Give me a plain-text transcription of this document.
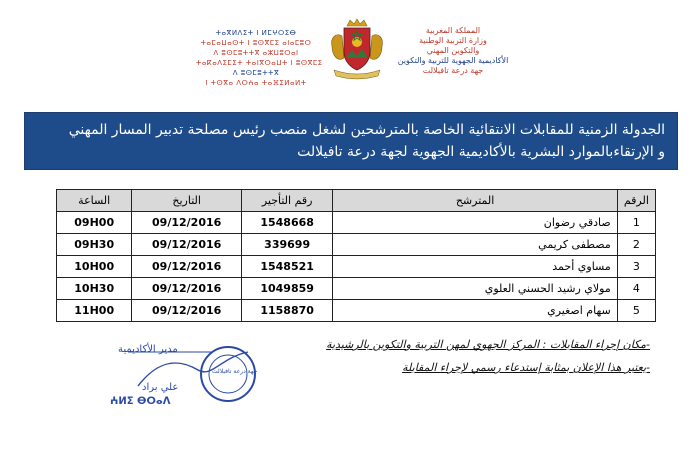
ⵜⴰⴳⵍⴷⵉⵜ ⵏ ⵍⵎⵖⵔⵉⴱ
ⵜⴰⵎⴰⵡⴰⵙⵜ ⵏ ⵓⵙⴳⵎⵉ ⴰⵏⴰⵎⵓⵔ
ⴷ ⵓⵙⵎⵓⵜⵜⴳ ⴰⵣⵡⵓⵔⴰⵏ
ⵜⴰⴽⴰⴷⵉⵎⵉⵜ ⵜⴰⵏⴳⵔⴰⵡⵜ ⵏ ⵓⵙⴳⵎⵉ
ⴷ ⵓⵙⵎⵓⵜⵜⴳ
ⵏ ⵜⵙⴳⴰ ⴷⵔⵄⴰ ⵜⴰⴼⵉⵍⴰⵍⵜ
المملكة المغربية
وزارة التربية الوطنية
والتكوين المهني
الأكاديمية الجهوية للتربية والتكوين
جهة درعة تافيلالت
الجدولة الزمنية للمقابلات الانتقائية الخاصة بالمترشحين لشغل منصب رئيس مصلحة تدبير المسار المهني
و الإرتقاءبالموارد البشرية بالأكاديمية الجهوية لجهة درعة تافيلالت
الرقم	المترشح	رقم التأجير	التاريخ	الساعة
1	صادقي رضوان	1548668	09/12/2016	09H00
2	مصطفى كريمي	339699	09/12/2016	09H30
3	مساوي أحمد	1548521	09/12/2016	10H00
4	مولاي رشيد الحسني العلوي	1049859	09/12/2016	10H30
5	سهام اصغيري	1158870	09/12/2016	11H00
-مكان إجراء المقابلات : المركز الجهوي لمهن التربية والتكوين بالرشيدية
-يعتبر هذا الإعلان بمثابة إستدعاء رسمي لإجراء المقابلة
مدير الأكاديمية
جهة درعة تافيلالت
علي براد
ⵄⵍⵉ ⴱⵔⴰⴷ
